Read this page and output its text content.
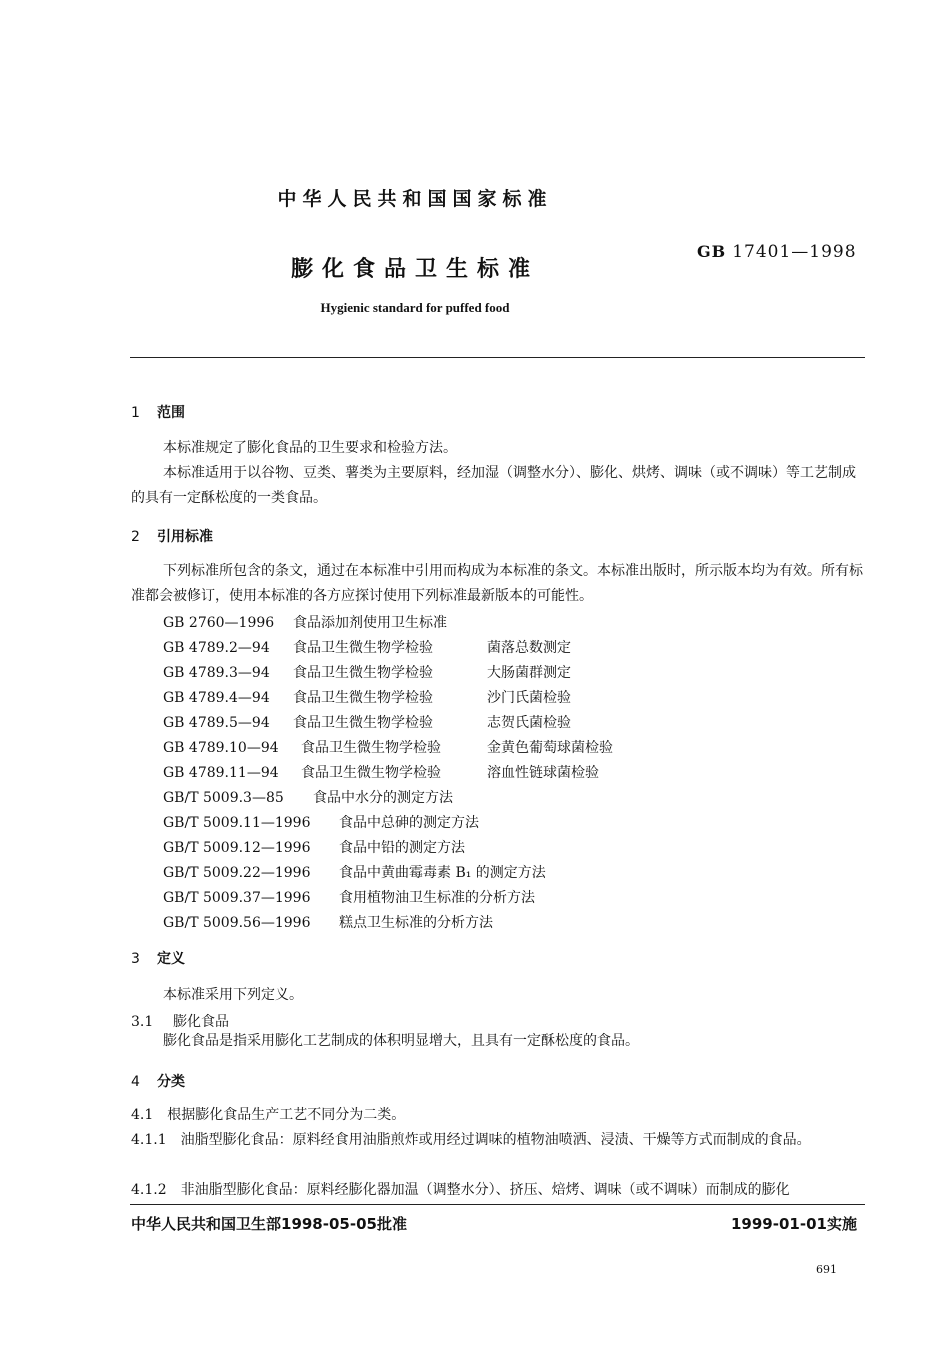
中华人民共和国国家标准
膨化食品卫生标准
GB 17401—1998
Hygienic standard for puffed food
1 范围
本标准规定了膨化食品的卫生要求和检验方法。
本标准适用于以谷物、豆类、薯类为主要原料，经加湿（调整水分）、膨化、烘烤、调味（或不调味）等工艺制成的具有一定酥松度的一类食品。
2 引用标准
下列标准所包含的条文，通过在本标准中引用而构成为本标准的条文。本标准出版时，所示版本均为有效。所有标准都会被修订，使用本标准的各方应探讨使用下列标准最新版本的可能性。
GB 2760—1996 食品添加剂使用卫生标准
GB 4789.2—94 食品卫生微生物学检验	菌落总数测定
GB 4789.3—94 食品卫生微生物学检验	大肠菌群测定
GB 4789.4—94 食品卫生微生物学检验	沙门氏菌检验
GB 4789.5—94 食品卫生微生物学检验	志贺氏菌检验
GB 4789.10—94 食品卫生微生物学检验	金黄色葡萄球菌检验
GB 4789.11—94 食品卫生微生物学检验	溶血性链球菌检验
GB/T 5009.3—85 食品中水分的测定方法
GB/T 5009.11—1996 食品中总砷的测定方法
GB/T 5009.12—1996 食品中铅的测定方法
GB/T 5009.22—1996 食品中黄曲霉毒素 B₁ 的测定方法
GB/T 5009.37—1996 食用植物油卫生标准的分析方法
GB/T 5009.56—1996 糕点卫生标准的分析方法
3 定义
本标准采用下列定义。
3.1 膨化食品
膨化食品是指采用膨化工艺制成的体积明显增大，且具有一定酥松度的食品。
4 分类
4.1　根据膨化食品生产工艺不同分为二类。
4.1.1　油脂型膨化食品：原料经食用油脂煎炸或用经过调味的植物油喷洒、浸渍、干燥等方式而制成的食品。
4.1.2　非油脂型膨化食品：原料经膨化器加温（调整水分）、挤压、焙烤、调味（或不调味）而制成的膨化
中华人民共和国卫生部1998-05-05批准	1999-01-01实施
691
